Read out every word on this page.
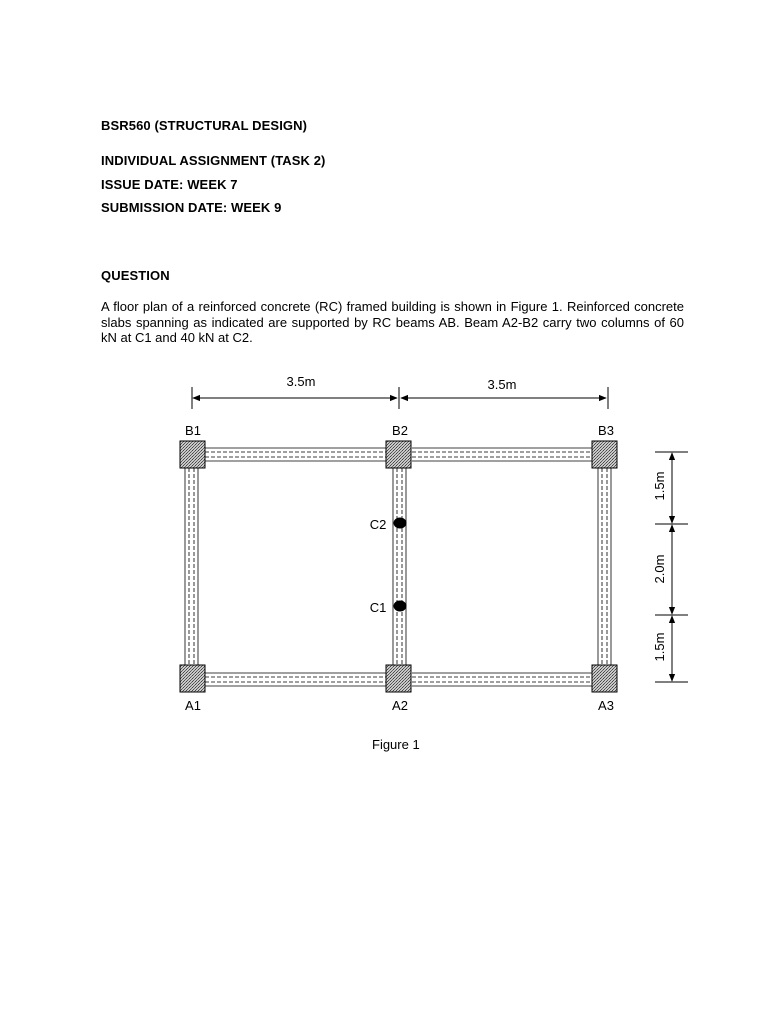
BSR560 (STRUCTURAL DESIGN)
INDIVIDUAL ASSIGNMENT (TASK 2)
ISSUE DATE: WEEK 7
SUBMISSION DATE: WEEK 9
QUESTION
A floor plan of a reinforced concrete (RC) framed building is shown in Figure 1. Reinforced concrete slabs spanning as indicated are supported by RC beams AB. Beam A2-B2 carry two columns of 60 kN at C1 and 40 kN at C2.
3.5m	3.5m
B1	B2	B3
A1	A2	A3
C2
C1
1.5m
2.0m
1.5m
Figure 1
